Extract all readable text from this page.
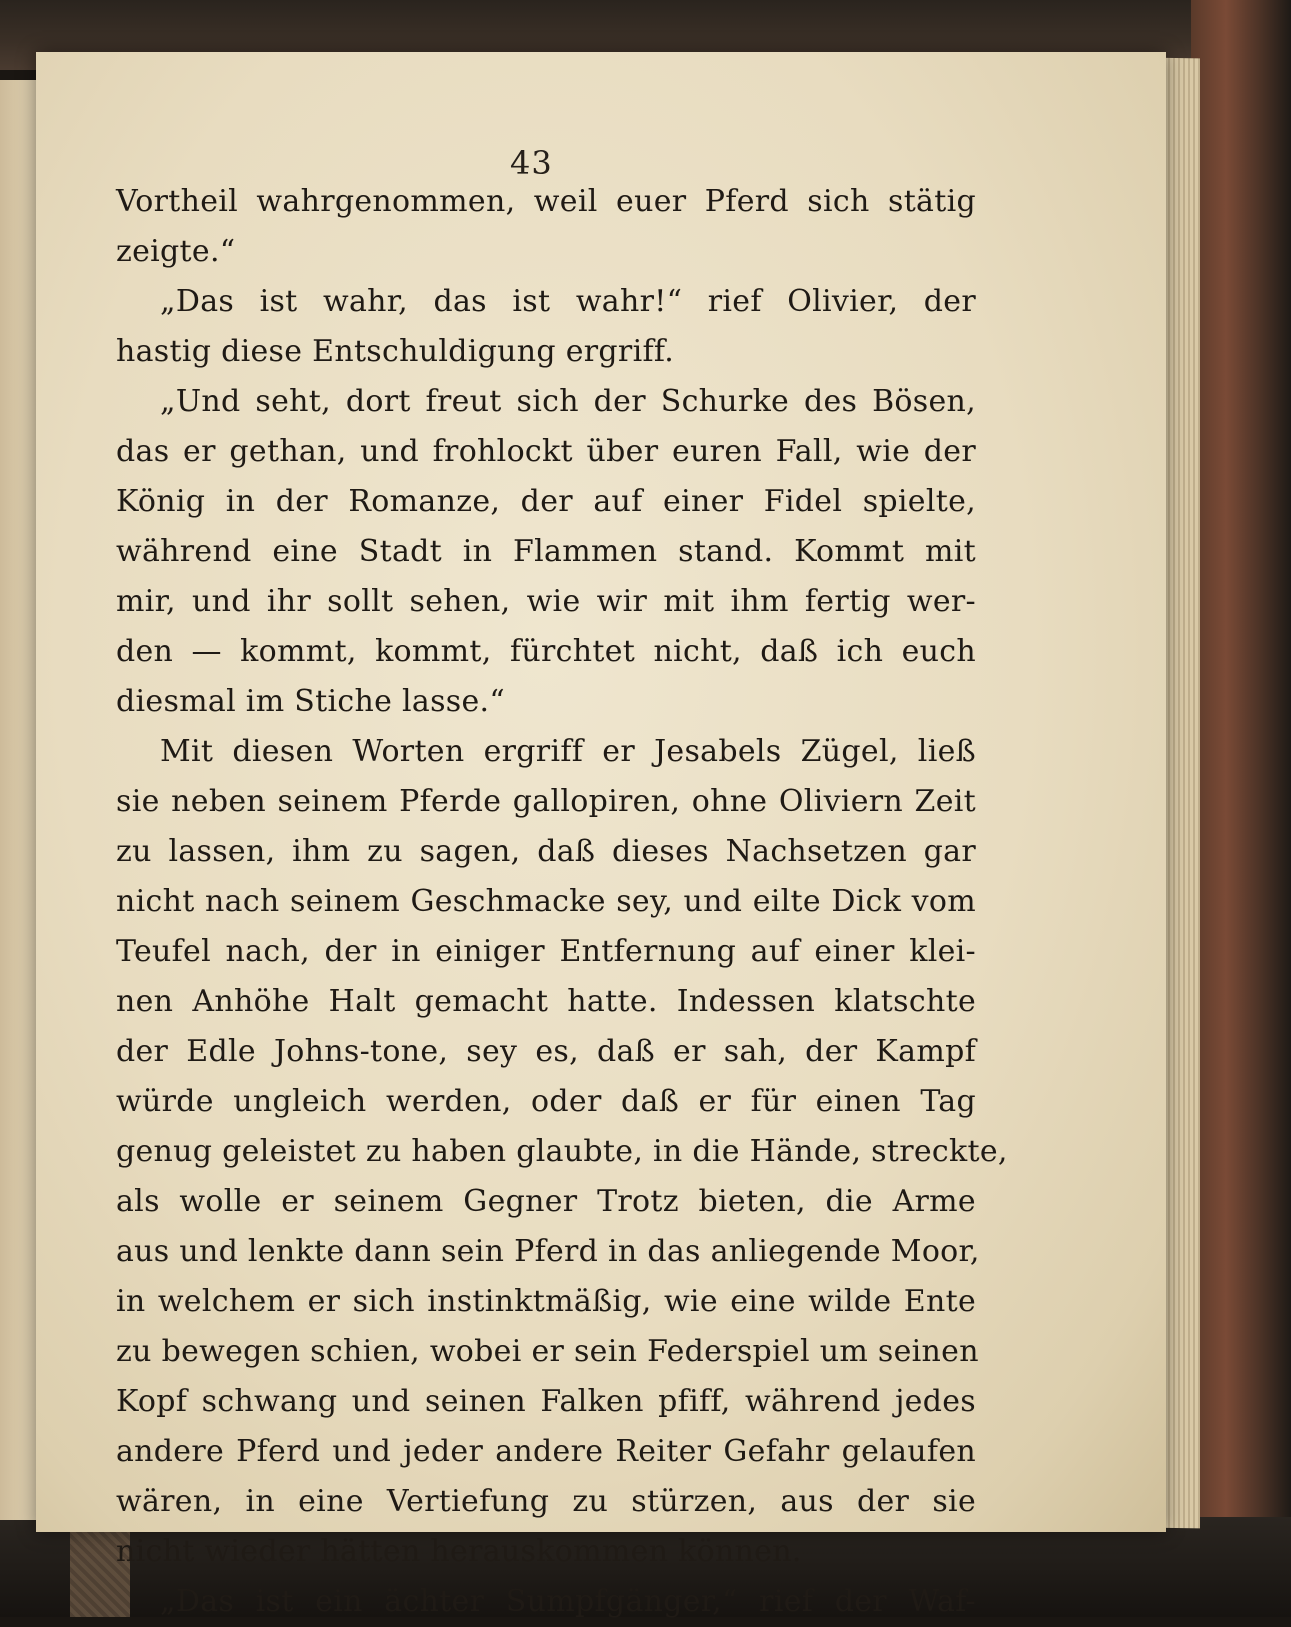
43
Vortheil wahrgenommen, weil euer Pferd sich stätig
zeigte.“
„Das ist wahr, das ist wahr!“ rief Olivier, der
hastig diese Entschuldigung ergriff.
„Und seht, dort freut sich der Schurke des Bösen,
das er gethan, und frohlockt über euren Fall, wie der
König in der Romanze, der auf einer Fidel spielte,
während eine Stadt in Flammen stand. Kommt mit
mir, und ihr sollt sehen, wie wir mit ihm fertig wer-
den — kommt, kommt, fürchtet nicht, daß ich euch
diesmal im Stiche lasse.“
Mit diesen Worten ergriff er Jesabels Zügel, ließ
sie neben seinem Pferde gallopiren, ohne Oliviern Zeit
zu lassen, ihm zu sagen, daß dieses Nachsetzen gar
nicht nach seinem Geschmacke sey, und eilte Dick vom
Teufel nach, der in einiger Entfernung auf einer klei-
nen Anhöhe Halt gemacht hatte. Indessen klatschte
der Edle Johns-tone, sey es, daß er sah, der Kampf
würde ungleich werden, oder daß er für einen Tag
genug geleistet zu haben glaubte, in die Hände, streckte,
als wolle er seinem Gegner Trotz bieten, die Arme
aus und lenkte dann sein Pferd in das anliegende Moor,
in welchem er sich instinktmäßig, wie eine wilde Ente
zu bewegen schien, wobei er sein Federspiel um seinen
Kopf schwang und seinen Falken pfiff, während jedes
andere Pferd und jeder andere Reiter Gefahr gelaufen
wären, in eine Vertiefung zu stürzen, aus der sie
nicht wieder hätten herauskommen können.
„Das ist ein ächter Sumpfgänger,“ rief der Waf-
